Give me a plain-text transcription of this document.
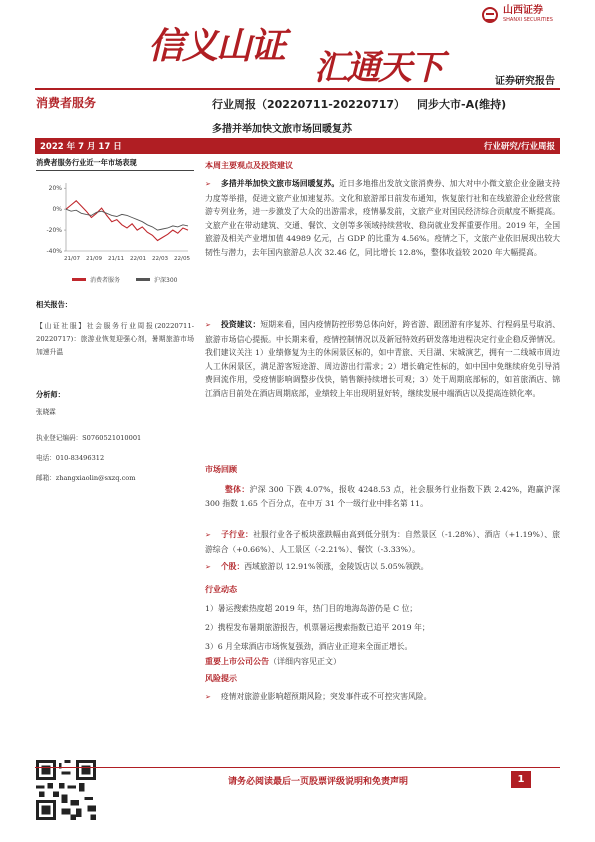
信义山证
汇通天下
山西证券
SHANXI SECURITIES
证券研究报告
消费者服务	行业周报（20220711-20220717） 同步大市-A(维持)
多措并举加快文旅市场回暖复苏
2022 年 7 月 17 日	行业研究/行业周报
消费者服务行业近一年市场表现
20%
0%
-20%
-40%
21/07 21/09 21/11 22/01 22/03 22/05
消费者服务	沪深300
相关报告：
【山证社服】社会服务行业周报(20220711-20220717)：旅游业恢复迎强心剂，暑期旅游市场加速升温
分析师：
张晓霖
执业登记编码：S0760521010001
电话：010-83496312
邮箱：zhangxiaolin@sxzq.com
本周主要观点及投资建议
➢ 多措并举加快文旅市场回暖复苏。近日多地推出发放文旅消费券、加大对中小微文旅企业金融支持力度等举措，促进文旅产业加速复苏。文化和旅游部日前发布通知，恢复旅行社和在线旅游企业经营旅游专列业务，进一步激发了大众的出游需求，疫情暴发前，文旅产业对国民经济综合贡献度不断提高。文旅产业在带动建筑、交通、餐饮、文创等多领域持续营收、稳岗就业发挥重要作用。2019 年，全国旅游及相关产业增加值 44989 亿元，占 GDP 的比重为 4.56%。疫情之下，文旅产业依旧展现出较大韧性与潜力，去年国内旅游总人次 32.46 亿，同比增长 12.8%，整体收益较 2020 年大幅提高。
➢ 投资建议：短期来看，国内疫情防控形势总体向好，跨省游、跟团游有序复苏、行程码星号取消、旅游市场信心提振。中长期来看，疫情控制情况以及新冠特效药研发落地进程决定行业企稳反弹情况。我们建议关注 1）业绩修复为主的休闲景区标的，如中青旅、天目湖、宋城演艺，拥有一二线城市周边人工休闲景区，满足游客短途游、周边游出行需求；2）增长确定性标的，如中国中免继续府免引导消费回流作用，受疫情影响调整步伐快，销售额持续增长可观；3）处于周期底部标的，如首旅酒店、锦江酒店目前处在酒店周期底部，业绩较上年出现明显好转，继续发展中端酒店以及提高连锁化率。
市场回顾
整体：沪深 300 下跌 4.07%，报收 4248.53 点，社会服务行业指数下跌 2.42%，跑赢沪深 300 指数 1.65 个百分点，在中万 31 个一级行业中排名第 11。
➢ 子行业：社服行业各子板块涨跌幅由高到低分别为：自然景区（-1.28%）、酒店（+1.19%）、旅游综合（+0.66%）、人工景区（-2.21%）、餐饮（-3.33%）。
➢ 个股：西域旅游以 12.91%领涨，金陵饭店以 5.05%领跌。
行业动态
1）暑运搜索热度超 2019 年，热门目的地海岛游仍是 C 位；
2）携程发布暑期旅游报告，机票暑运搜索指数已追平 2019 年；
3）6 月全球酒店市场恢复强劲，酒店业正迎来全面正增长。
重要上市公司公告（详细内容见正文）
风险提示
➢ 疫情对旅游业影响超预期风险；突发事件或不可控灾害风险。
请务必阅读最后一页股票评级说明和免责声明	1
